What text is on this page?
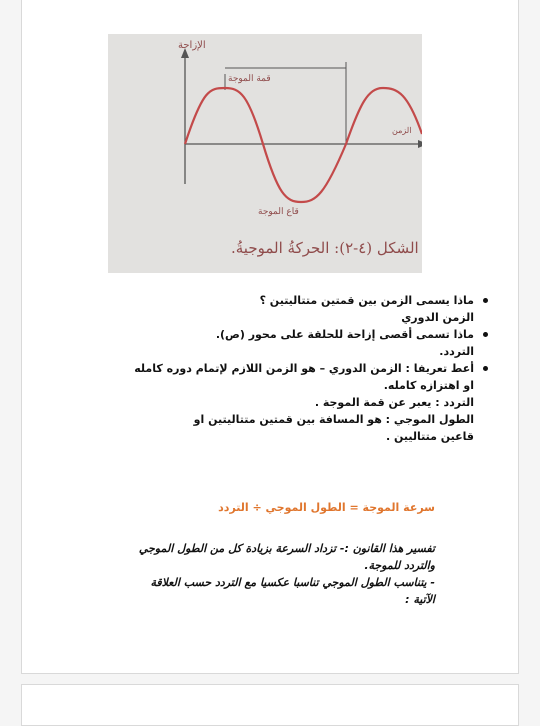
الإزاحة
الزمن
قمة الموجة
قاع الموجة
الشكل (٤-٢): الحركةُ الموجيةُ.
ماذا يسمى الزمن بين قمتين متتاليتين ؟
الزمن الدوري
ماذا تسمى أقصى إزاحة للحلقة على محور (ص).
التردد.
أعط تعريفا : الزمن الدوري – هو الزمن اللازم لإتمام دوره كامله
او اهتزازه كامله.
التردد : يعبر عن قمة الموجة .
الطول الموجي : هو المسافة بين قمتين متتاليتين او
قاعين متتاليين .
سرعة الموجة = الطول الموجي ÷ التردد
تفسير هذا القانون :- تزداد السرعة بزيادة كل من الطول الموجي
والتردد للموجة.
- يتناسب الطول الموجي تناسبا عكسيا مع التردد حسب العلاقة
الآتية :
